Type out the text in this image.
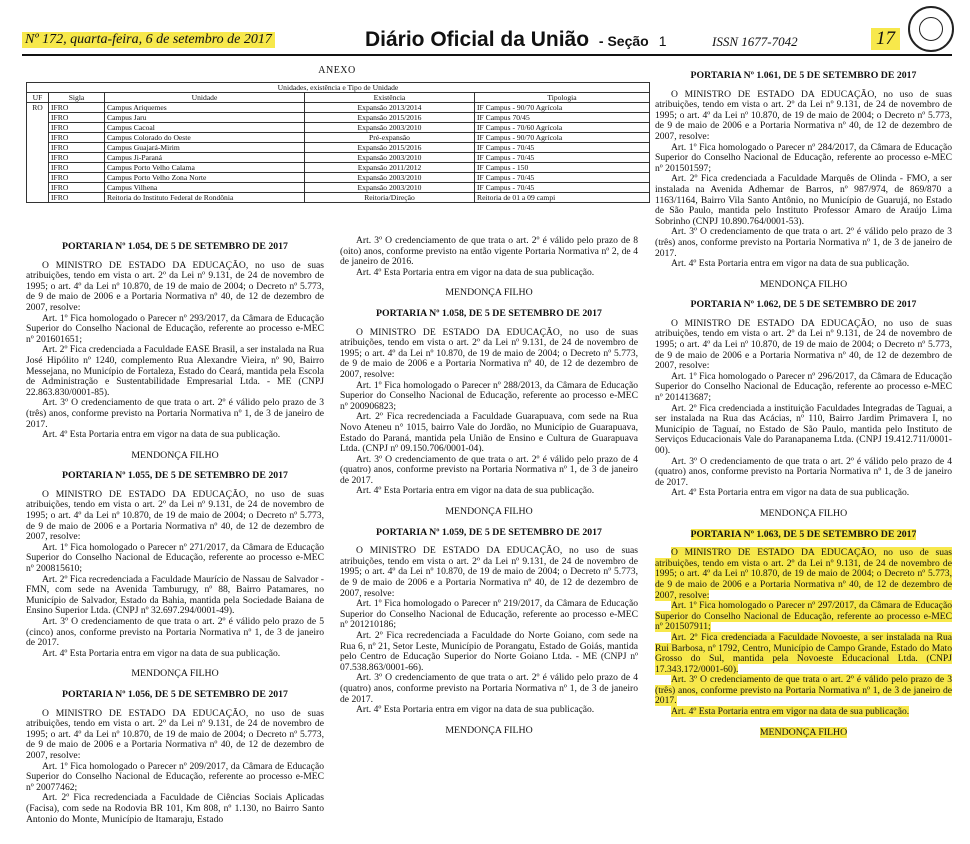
Nº 172, quarta-feira, 6 de setembro de 2017	Diário Oficial da União - Seção 1	ISSN 1677-7042	17
ANEXO
Unidades, existência e Tipo de Unidade				
UF	Sigla	Unidade	Existência	Tipologia
RO	IFRO	Campus Ariquemes	Expansão 2013/2014	IF Campus - 90/70 Agrícola
	IFRO	Campus Jaru	Expansão 2015/2016	IF Campus 70/45
	IFRO	Campus Cacoal	Expansão 2003/2010	IF Campus - 70/60 Agrícola
	IFRO	Campus Colorado do Oeste	Pré-expansão	IF Campus - 90/70 Agrícola
	IFRO	Campus Guajará-Mirim	Expansão 2015/2016	IF Campus - 70/45
	IFRO	Campus Ji-Paraná	Expansão 2003/2010	IF Campus - 70/45
	IFRO	Campus Porto Velho Calama	Expansão 2011/2012	IF Campus - 150
	IFRO	Campus Porto Velho Zona Norte	Expansão 2003/2010	IF Campus - 70/45
	IFRO	Campus Vilhena	Expansão 2003/2010	IF Campus - 70/45
	IFRO	Reitoria do Instituto Federal de Rondônia	Reitoria/Direção	Reitoria de 01 a 09 campi
PORTARIA Nº 1.054, DE 5 DE SETEMBRO DE 2017

O MINISTRO DE ESTADO DA EDUCAÇÃO, no uso de suas atribuições, tendo em vista o art. 2º da Lei nº 9.131, de 24 de novembro de 1995; o art. 4º da Lei nº 10.870, de 19 de maio de 2004; o Decreto nº 5.773, de 9 de maio de 2006 e a Portaria Normativa nº 40, de 12 de dezembro de 2007, resolve:

Art. 1º Fica homologado o Parecer nº 293/2017, da Câmara de Educação Superior do Conselho Nacional de Educação, referente ao processo e-MEC nº 201601651;

Art. 2º Fica credenciada a Faculdade EASE Brasil, a ser instalada na Rua José Hipólito nº 1240, complemento Rua Alexandre Vieira, nº 90, Bairro Messejana, no Município de Fortaleza, Estado do Ceará, mantida pela Escola de Administração e Sustentabilidade Empresarial Ltda. - ME (CNPJ 22.863.830/0001-85).

Art. 3º O credenciamento de que trata o art. 2º é válido pelo prazo de 3 (três) anos, conforme previsto na Portaria Normativa nº 1, de 3 de janeiro de 2017.

Art. 4º Esta Portaria entra em vigor na data de sua publicação.

MENDONÇA FILHO
PORTARIA Nº 1.055, DE 5 DE SETEMBRO DE 2017

O MINISTRO DE ESTADO DA EDUCAÇÃO, no uso de suas atribuições, tendo em vista o art. 2º da Lei nº 9.131, de 24 de novembro de 1995; o art. 4º da Lei nº 10.870, de 19 de maio de 2004; o Decreto nº 5.773, de 9 de maio de 2006 e a Portaria Normativa nº 40, de 12 de dezembro de 2007, resolve:

Art. 1º Fica homologado o Parecer nº 271/2017, da Câmara de Educação Superior do Conselho Nacional de Educação, referente ao processo e-MEC nº 200815610;

Art. 2º Fica recredenciada a Faculdade Maurício de Nassau de Salvador - FMN, com sede na Avenida Tamburugy, nº 88, Bairro Patamares, no Município de Salvador, Estado da Bahia, mantida pela Sociedade Baiana de Ensino Superior Ltda. (CNPJ nº 32.697.294/0001-49).

Art. 3º O credenciamento de que trata o art. 2º é válido pelo prazo de 5 (cinco) anos, conforme previsto na Portaria Normativa nº 1, de 3 de janeiro de 2017.

Art. 4º Esta Portaria entra em vigor na data de sua publicação.

MENDONÇA FILHO
PORTARIA Nº 1.056, DE 5 DE SETEMBRO DE 2017

O MINISTRO DE ESTADO DA EDUCAÇÃO, no uso de suas atribuições, tendo em vista o art. 2º da Lei nº 9.131, de 24 de novembro de 1995; o art. 4º da Lei nº 10.870, de 19 de maio de 2004; o Decreto nº 5.773, de 9 de maio de 2006 e a Portaria Normativa nº 40, de 12 de dezembro de 2007, resolve:

Art. 1º Fica homologado o Parecer nº 209/2017, da Câmara de Educação Superior do Conselho Nacional de Educação, referente ao processo e-MEC nº 20077462;

Art. 2º Fica recredenciada a Faculdade de Ciências Sociais Aplicadas (Facisa), com sede na Rodovia BR 101, Km 808, nº 1.130, no Bairro Santo Antonio do Monte, Município de Itamaraju, Estado

Art. 3º O credenciamento de que trata o art. 2º é válido pelo prazo de 8 (oito) anos, conforme previsto na então vigente Portaria Normativa nº 2, de 4 de janeiro de 2016.

Art. 4º Esta Portaria entra em vigor na data de sua publicação.

MENDONÇA FILHO
PORTARIA Nº 1.058, DE 5 DE SETEMBRO DE 2017

O MINISTRO DE ESTADO DA EDUCAÇÃO, no uso de suas atribuições, tendo em vista o art. 2º da Lei nº 9.131, de 24 de novembro de 1995; o art. 4º da Lei nº 10.870, de 19 de maio de 2004; o Decreto nº 5.773, de 9 de maio de 2006 e a Portaria Normativa nº 40, de 12 de dezembro de 2007, resolve:

Art. 1º Fica homologado o Parecer nº 288/2013, da Câmara de Educação Superior do Conselho Nacional de Educação, referente ao processo e-MEC nº 200906823;

Art. 2º Fica recredenciada a Faculdade Guarapuava, com sede na Rua Novo Ateneu n° 1015, bairro Vale do Jordão, no Município de Guarapuava, Estado do Paraná, mantida pela União de Ensino e Cultura de Guarapuava Ltda. (CNPJ nº 09.150.706/0001-04).

Art. 3º O credenciamento de que trata o art. 2º é válido pelo prazo de 4 (quatro) anos, conforme previsto na Portaria Normativa nº 1, de 3 de janeiro de 2017.

Art. 4º Esta Portaria entra em vigor na data de sua publicação.

MENDONÇA FILHO
PORTARIA Nº 1.059, DE 5 DE SETEMBRO DE 2017

O MINISTRO DE ESTADO DA EDUCAÇÃO, no uso de suas atribuições, tendo em vista o art. 2º da Lei nº 9.131, de 24 de novembro de 1995; o art. 4º da Lei nº 10.870, de 19 de maio de 2004; o Decreto nº 5.773, de 9 de maio de 2006 e a Portaria Normativa nº 40, de 12 de dezembro de 2007, resolve:

Art. 1º Fica homologado o Parecer nº 219/2017, da Câmara de Educação Superior do Conselho Nacional de Educação, referente ao processo e-MEC nº 201210186;

Art. 2º Fica recredenciada a Faculdade do Norte Goiano, com sede na Rua 6, nº 21, Setor Leste, Município de Porangatu, Estado de Goiás, mantida pelo Centro de Educação Superior do Norte Goiano Ltda. - ME (CNPJ nº 07.538.863/0001-66).

Art. 3º O credenciamento de que trata o art. 2º é válido pelo prazo de 4 (quatro) anos, conforme previsto na Portaria Normativa nº 1, de 3 de janeiro de 2017.

Art. 4º Esta Portaria entra em vigor na data de sua publicação.

MENDONÇA FILHO
PORTARIA Nº 1.061, DE 5 DE SETEMBRO DE 2017

O MINISTRO DE ESTADO DA EDUCAÇÃO, no uso de suas atribuições, tendo em vista o art. 2º da Lei nº 9.131, de 24 de novembro de 1995; o art. 4º da Lei nº 10.870, de 19 de maio de 2004; o Decreto nº 5.773, de 9 de maio de 2006 e a Portaria Normativa nº 40, de 12 de dezembro de 2007, resolve:

Art. 1º Fica homologado o Parecer nº 284/2017, da Câmara de Educação Superior do Conselho Nacional de Educação, referente ao processo e-MEC nº 201501597;

Art. 2º Fica credenciada a Faculdade Marquês de Olinda - FMO, a ser instalada na Avenida Adhemar de Barros, nº 987/974, de 869/870 a 1163/1164, Bairro Vila Santo Antônio, no Município de Guarujá, no Estado de São Paulo, mantida pelo Instituto Professor Amaro de Araújo Lima Sobrinho (CNPJ 10.890.764/0001-53).

Art. 3º O credenciamento de que trata o art. 2º é válido pelo prazo de 3 (três) anos, conforme previsto na Portaria Normativa nº 1, de 3 de janeiro de 2017.

Art. 4º Esta Portaria entra em vigor na data de sua publicação.

MENDONÇA FILHO
PORTARIA Nº 1.062, DE 5 DE SETEMBRO DE 2017

O MINISTRO DE ESTADO DA EDUCAÇÃO, no uso de suas atribuições, tendo em vista o art. 2º da Lei nº 9.131, de 24 de novembro de 1995; o art. 4º da Lei nº 10.870, de 19 de maio de 2004; o Decreto nº 5.773, de 9 de maio de 2006 e a Portaria Normativa nº 40, de 12 de dezembro de 2007, resolve:

Art. 1º Fica homologado o Parecer nº 296/2017, da Câmara de Educação Superior do Conselho Nacional de Educação, referente ao processo e-MEC nº 201413687;

Art. 2º Fica credenciada a instituição Faculdades Integradas de Taguai, a ser instalada na Rua das Acácias, nº 110, Bairro Jardim Primavera I, no Município de Taguaí, no Estado de São Paulo, mantida pelo Instituto de Serviços Educacionais Vale do Paranapanema Ltda. (CNPJ 19.412.711/0001-00).

Art. 3º O credenciamento de que trata o art. 2º é válido pelo prazo de 4 (quatro) anos, conforme previsto na Portaria Normativa nº 1, de 3 de janeiro de 2017.

Art. 4º Esta Portaria entra em vigor na data de sua publicação.

MENDONÇA FILHO
PORTARIA Nº 1.063, DE 5 DE SETEMBRO DE 2017

O MINISTRO DE ESTADO DA EDUCAÇÃO, no uso de suas atribuições, tendo em vista o art. 2º da Lei nº 9.131, de 24 de novembro de 1995; o art. 4º da Lei nº 10.870, de 19 de maio de 2004; o Decreto nº 5.773, de 9 de maio de 2006 e a Portaria Normativa nº 40, de 12 de dezembro de 2007, resolve:

Art. 1º Fica homologado o Parecer nº 297/2017, da Câmara de Educação Superior do Conselho Nacional de Educação, referente ao processo e-MEC nº 201507911;

Art. 2º Fica credenciada a Faculdade Novoeste, a ser instalada na Rua Rui Barbosa, nº 1792, Centro, Município de Campo Grande, Estado do Mato Grosso do Sul, mantida pela Novoeste Educacional Ltda. (CNPJ 17.343.172/0001-60).

Art. 3º O credenciamento de que trata o art. 2º é válido pelo prazo de 3 (três) anos, conforme previsto na Portaria Normativa nº 1, de 3 de janeiro de 2017.

Art. 4º Esta Portaria entra em vigor na data de sua publicação.

MENDONÇA FILHO
